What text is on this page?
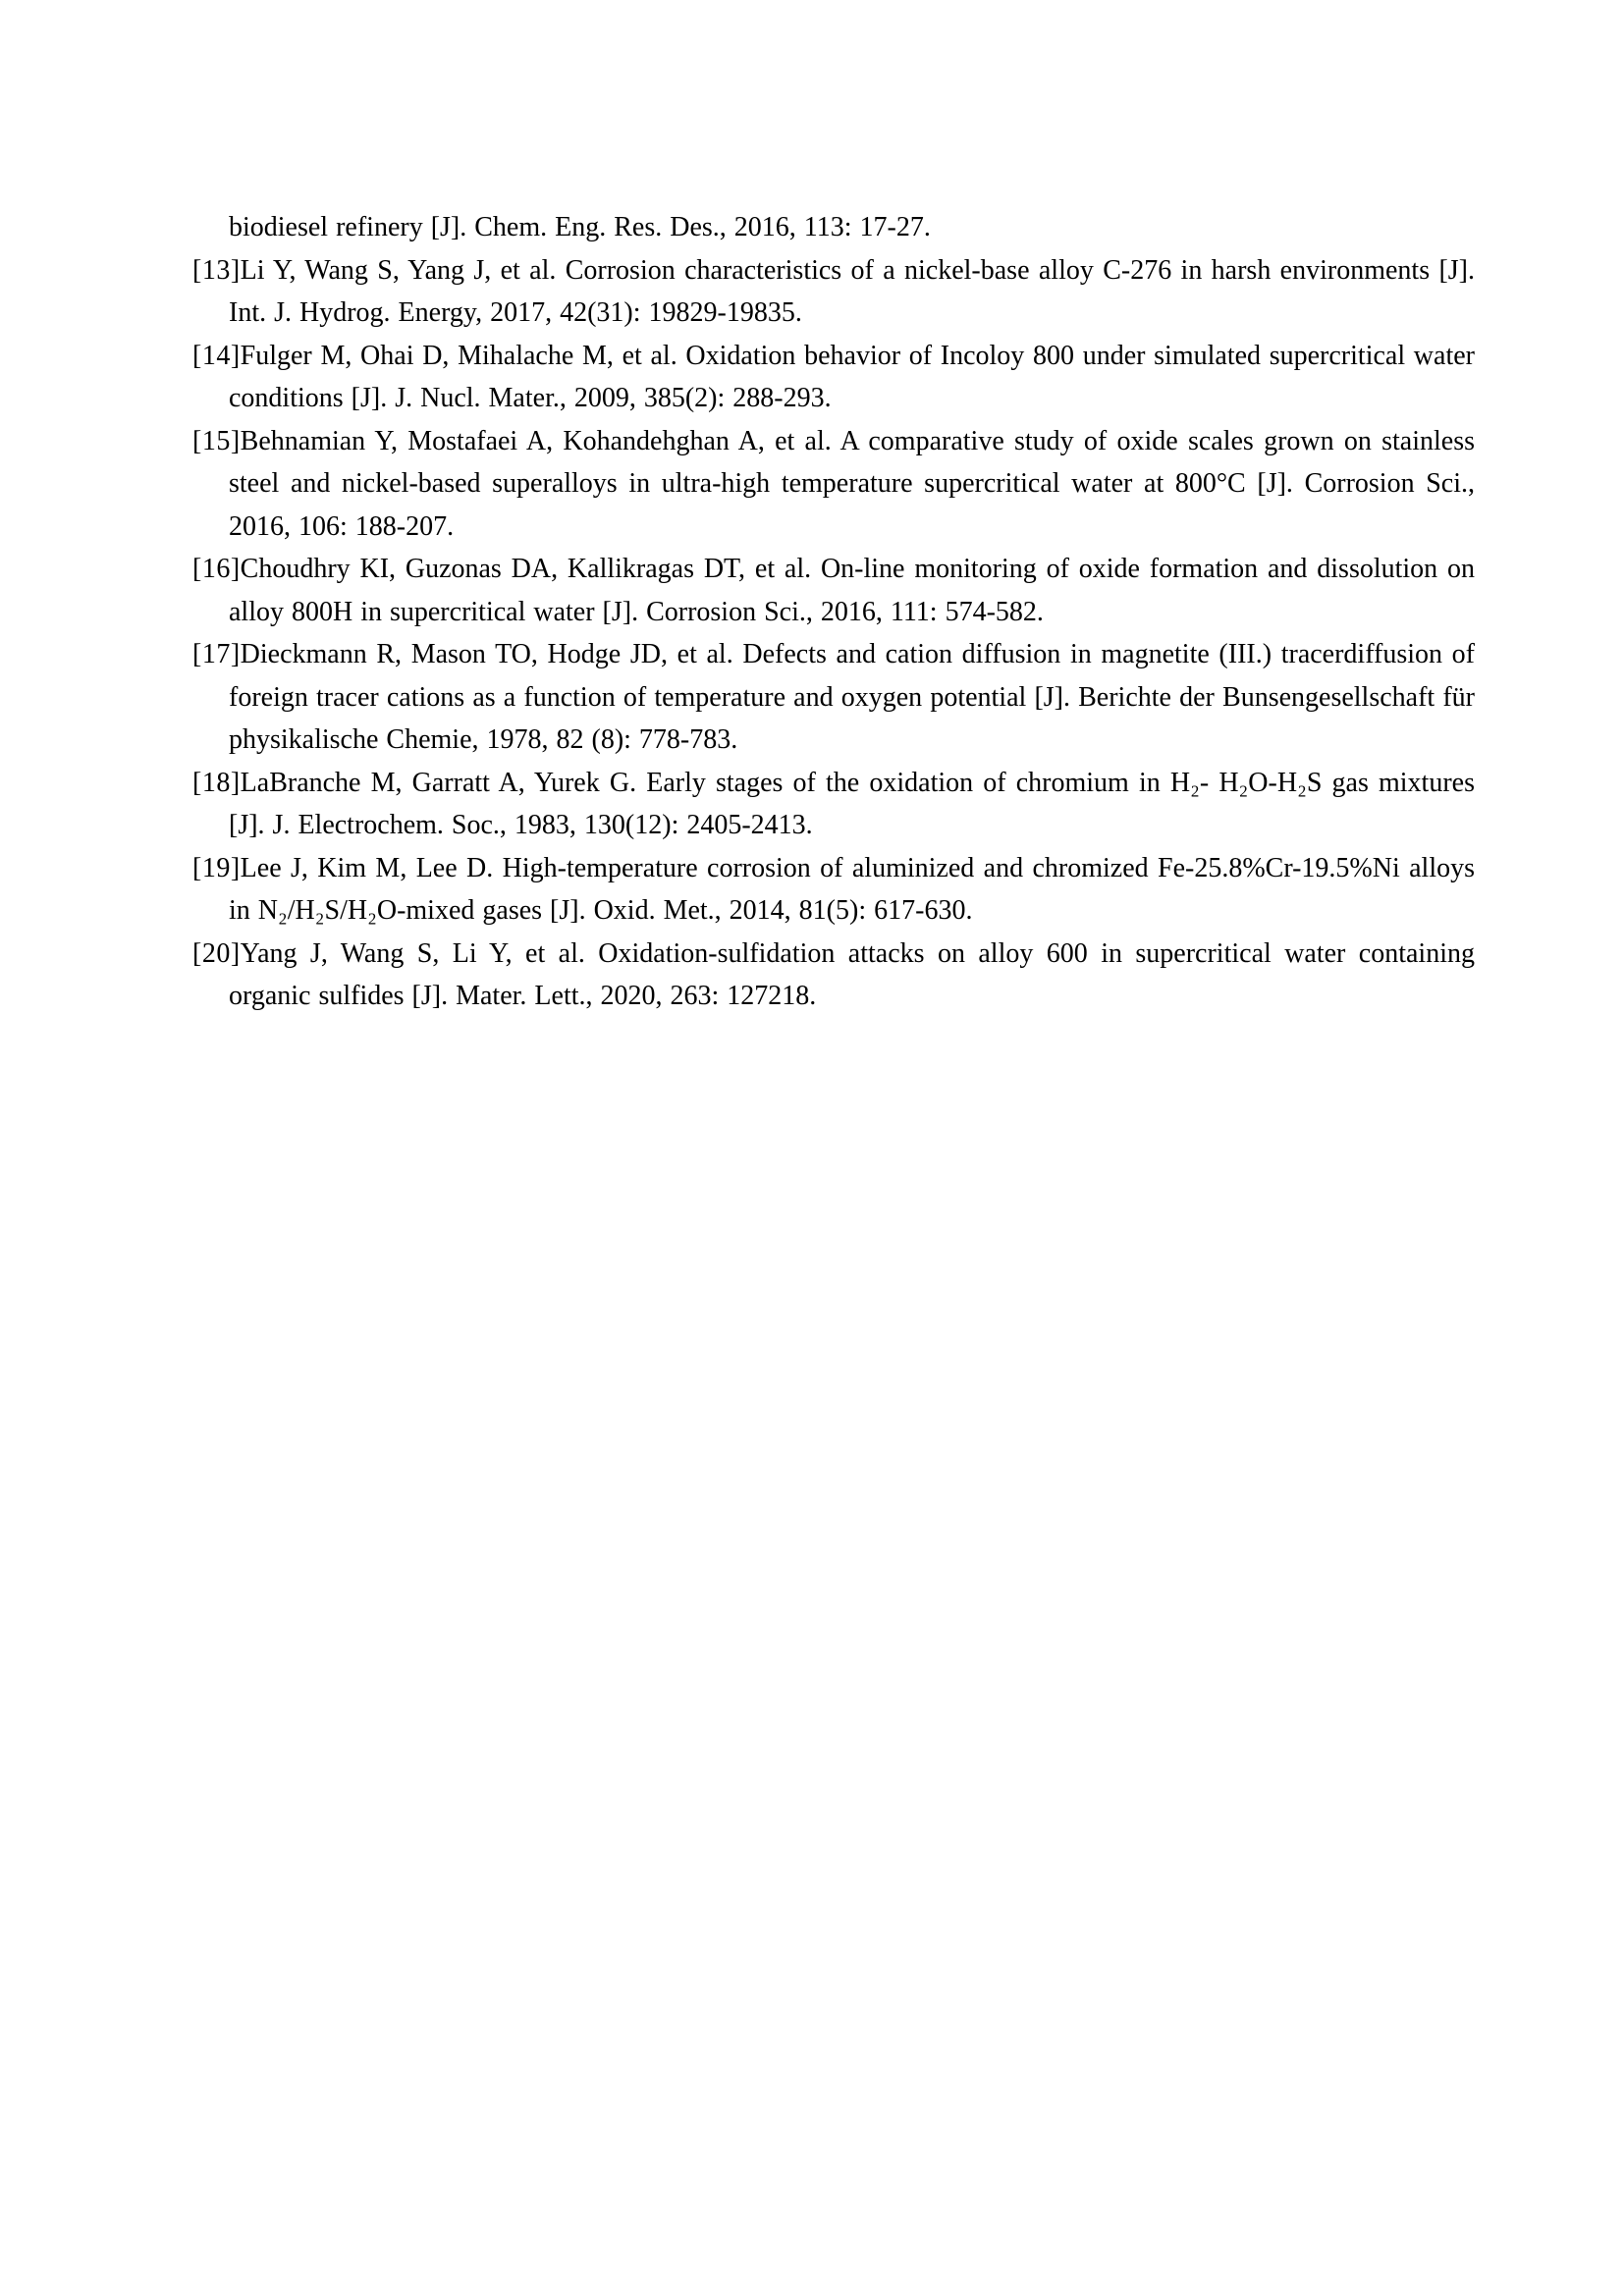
biodiesel refinery [J]. Chem. Eng. Res. Des., 2016, 113: 17-27.

[13]Li Y, Wang S, Yang J, et al. Corrosion characteristics of a nickel-base alloy C-276 in harsh environments [J]. Int. J. Hydrog. Energy, 2017, 42(31): 19829-19835.

[14]Fulger M, Ohai D, Mihalache M, et al. Oxidation behavior of Incoloy 800 under simulated supercritical water conditions [J]. J. Nucl. Mater., 2009, 385(2): 288-293.

[15]Behnamian Y, Mostafaei A, Kohandehghan A, et al. A comparative study of oxide scales grown on stainless steel and nickel-based superalloys in ultra-high temperature supercritical water at 800°C [J]. Corrosion Sci., 2016, 106: 188-207.

[16]Choudhry KI, Guzonas DA, Kallikragas DT, et al. On-line monitoring of oxide formation and dissolution on alloy 800H in supercritical water [J]. Corrosion Sci., 2016, 111: 574-582.

[17]Dieckmann R, Mason TO, Hodge JD, et al. Defects and cation diffusion in magnetite (III.) tracerdiffusion of foreign tracer cations as a function of temperature and oxygen potential [J]. Berichte der Bunsengesellschaft für physikalische Chemie, 1978, 82 (8): 778-783.

[18]LaBranche M, Garratt A, Yurek G. Early stages of the oxidation of chromium in H₂- H₂O-H₂S gas mixtures [J]. J. Electrochem. Soc., 1983, 130(12): 2405-2413.

[19]Lee J, Kim M, Lee D. High-temperature corrosion of aluminized and chromized Fe-25.8%Cr-19.5%Ni alloys in N₂/H₂S/H₂O-mixed gases [J]. Oxid. Met., 2014, 81(5): 617-630.

[20]Yang J, Wang S, Li Y, et al. Oxidation-sulfidation attacks on alloy 600 in supercritical water containing organic sulfides [J]. Mater. Lett., 2020, 263: 127218.
